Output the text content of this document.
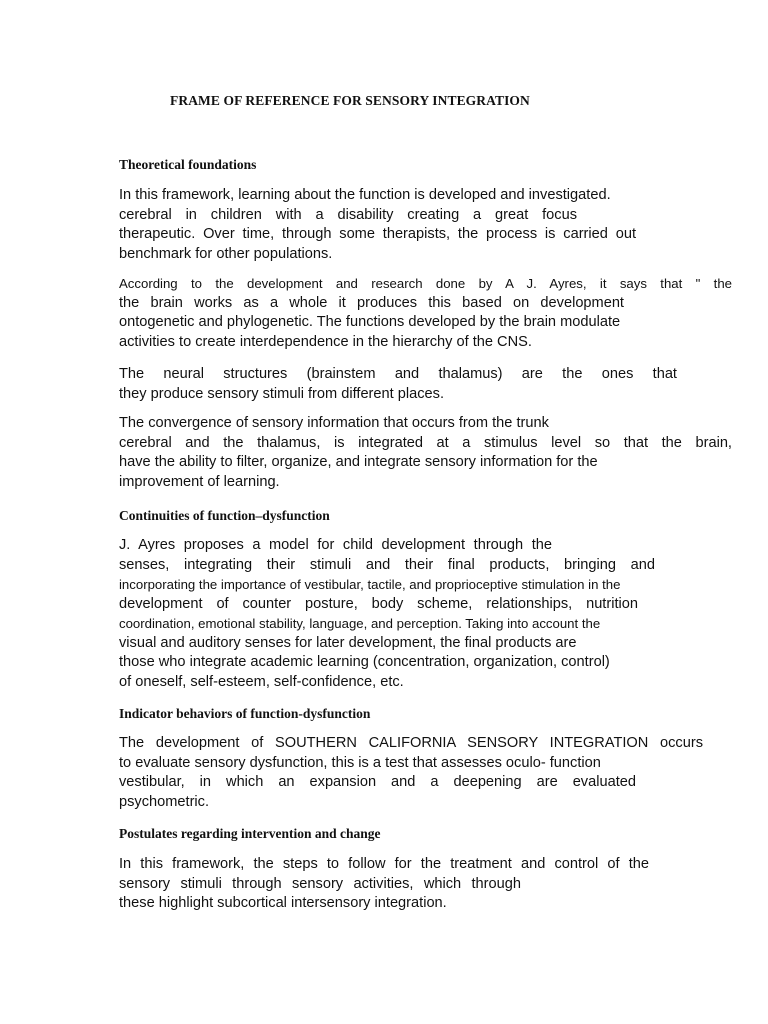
FRAME OF REFERENCE FOR SENSORY INTEGRATION
Theoretical foundations
In this framework, learning about the function is developed and investigated.
cerebral in children with a disability creating a great focus
therapeutic. Over time, through some therapists, the process is carried out
benchmark for other populations.
According to the development and research done by A J. Ayres, it says that " the
the brain works as a whole it produces this based on development
ontogenetic and phylogenetic. The functions developed by the brain modulate
activities to create interdependence in the hierarchy of the CNS.
The neural structures (brainstem and thalamus) are the ones that
they produce sensory stimuli from different places.
The convergence of sensory information that occurs from the trunk
cerebral and the thalamus, is integrated at a stimulus level so that the brain,
have the ability to filter, organize, and integrate sensory information for the
improvement of learning.
Continuities of function–dysfunction
J. Ayres proposes a model for child development through the
senses, integrating their stimuli and their final products, bringing and
incorporating the importance of vestibular, tactile, and proprioceptive stimulation in the
development of counter posture, body scheme, relationships, nutrition
coordination, emotional stability, language, and perception. Taking into account the
visual and auditory senses for later development, the final products are
those who integrate academic learning (concentration, organization, control)
of oneself, self-esteem, self-confidence, etc.
Indicator behaviors of function-dysfunction
The development of SOUTHERN CALIFORNIA SENSORY INTEGRATION occurs
to evaluate sensory dysfunction, this is a test that assesses oculo- function
vestibular, in which an expansion and a deepening are evaluated
psychometric.
Postulates regarding intervention and change
In this framework, the steps to follow for the treatment and control of the
sensory stimuli through sensory activities, which through
these highlight subcortical intersensory integration.
